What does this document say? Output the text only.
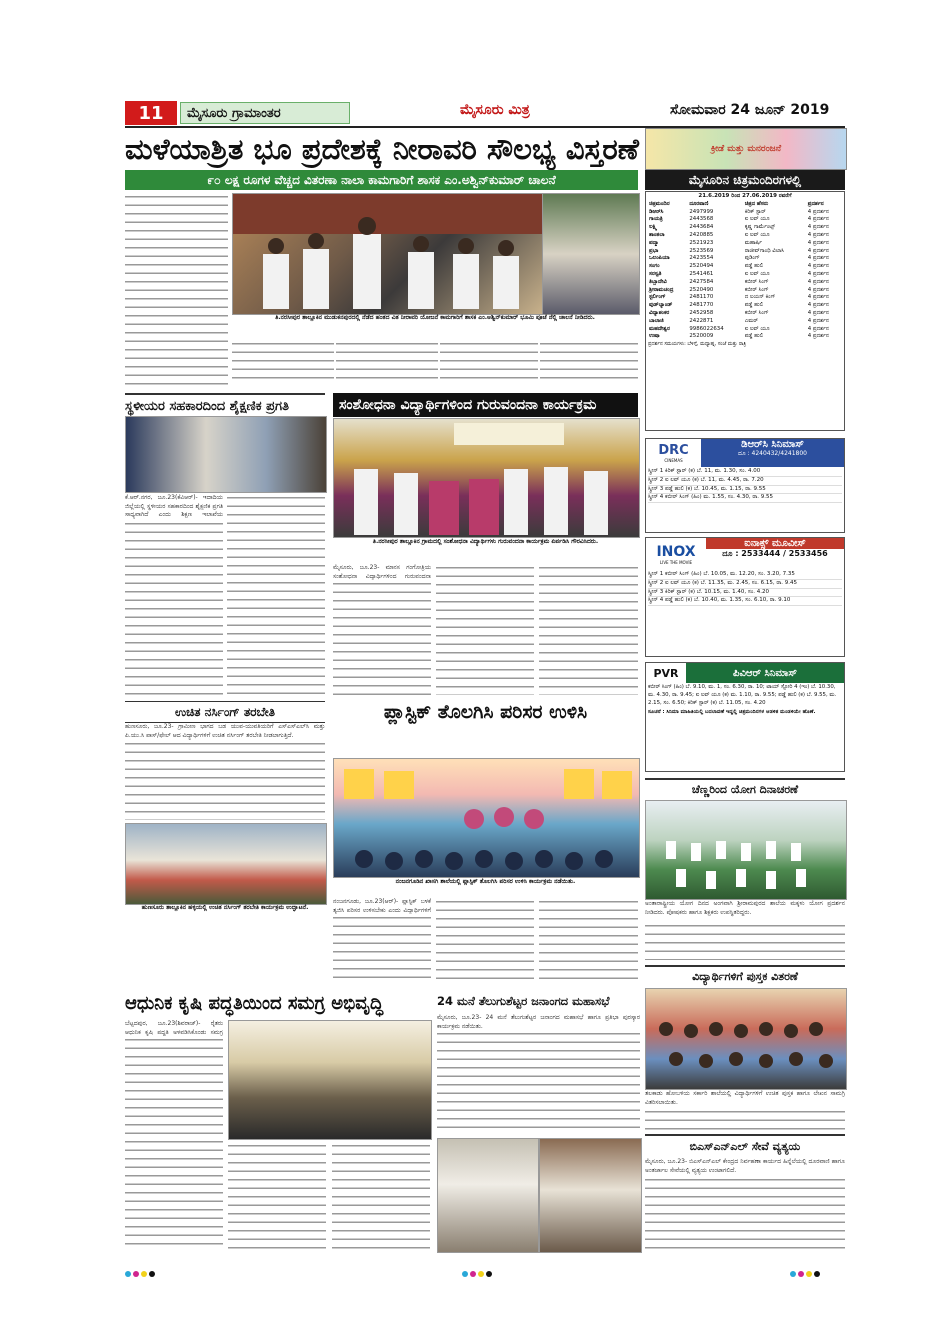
11	ಮೈಸೂರು ಗ್ರಾಮಾಂತರ	ಮೈಸೂರು ಮಿತ್ರ	ಸೋಮವಾರ 24 ಜೂನ್ 2019
ಮಳೆಯಾಶ್ರಿತ ಭೂ ಪ್ರದೇಶಕ್ಕೆ ನೀರಾವರಿ ಸೌಲಭ್ಯ ವಿಸ್ತರಣೆ
೯೦ ಲಕ್ಷ ರೂಗಳ ವೆಚ್ಚದ ವಿತರಣಾ ನಾಲಾ ಕಾಮಗಾರಿಗೆ ಶಾಸಕ ಎಂ.ಅಶ್ವಿನ್‌ಕುಮಾರ್ ಚಾಲನೆ
ತಿ.ನರಸೀಪುರ ತಾಲ್ಲೂಕಿನ ಮುಡುಕನಪುರದಲ್ಲಿ ನೆಡೆದ ಹಂತದ ವಿತ ನೀರಾವರಿ ಯೋಜನೆ ಕಾಮಗಾರಿಗೆ ಶಾಸಕ ಎಂ.ಅಶ್ವಿನ್‌ಕುಮಾರ್ ಭೂಮಿ ಪೂಜೆ ನೆಲ್ಲಿ ಚಾಲನೆ ನೀಡಿದರು.
ಸ್ಥಳೀಯರ ಸಹಕಾರದಿಂದ ಶೈಕ್ಷಣಿಕ ಪ್ರಗತಿ
ಕೆ.ಆರ್.ನಗರ, ಜೂ.23(ಕೆವಿಆರ್)- ಇದಾದಿಯ ಜಿಲ್ಲೆಯಲ್ಲಿ ಸ್ಥಳೀಯರ ಸಹಕಾರದಿಂದ ಶೈಕ್ಷಣಿಕ ಪ್ರಗತಿ ಸಾಧ್ಯವಾಗಿದೆ ಎಂದು ಶಿಕ್ಷಣ ಇಲಾಖೆಯ
ಉಚಿತ ನರ್ಸಿಂಗ್ ತರಬೇತಿ
ಹುಣಸೂರು, ಜೂ.23- ಗ್ರಾಮೀಣ ಭಾಗದ ಬಡ ಯುವ-ಯುವತಿಯರಿಗೆ ಎಸ್‌ಎಸ್‌ಎಲ್‌ಸಿ ಮತ್ತು ಪಿ.ಯು.ಸಿ ಪಾಸ್/ಫೇಲ್ ಆದ ವಿದ್ಯಾರ್ಥಿಗಳಿಗೆ ಉಚಿತ ನರ್ಸಿಂಗ್ ತರಬೇತಿ ನೀಡಲಾಗುತ್ತಿದೆ.
ಹುಣಸೂರು ತಾಲ್ಲೂಕಿನ ಹಳ್ಳಿಯಲ್ಲಿ ಉಚಿತ ನರ್ಸಿಂಗ್ ತರಬೇತಿ ಕಾರ್ಯಕ್ರಮ ಉದ್ಘಾಟನೆ.
ಸಂಶೋಧನಾ ವಿದ್ಯಾರ್ಥಿಗಳಿಂದ ಗುರುವಂದನಾ ಕಾರ್ಯಕ್ರಮ
ತಿ.ನರಸೀಪುರ ತಾಲ್ಲೂಕಿನ ಗ್ರಾಮದಲ್ಲಿ ಸಂಶೋಧನಾ ವಿದ್ಯಾರ್ಥಿಗಳು ಗುರುವಂದನಾ ಕಾರ್ಯಕ್ರಮ ಏರ್ಪಡಿಸಿ ಗೌರವಿಸಿದರು.
ಮೈಸೂರು, ಜೂ.23- ಮಾನಸ ಗಂಗೋತ್ರಿಯ ಸಂಶೋಧನಾ ವಿದ್ಯಾರ್ಥಿಗಳಿಂದ ಗುರುವಂದನಾ
ಪ್ಲಾಸ್ಟಿಕ್ ತೊಲಗಿಸಿ ಪರಿಸರ ಉಳಿಸಿ
ನಂಜನಗೂಡಿನ ಖಾಸಗಿ ಶಾಲೆಯಲ್ಲಿ ಪ್ಲಾಸ್ಟಿಕ್ ತೊಲಗಿಸಿ ಪರಿಸರ ಉಳಿಸಿ ಕಾರ್ಯಕ್ರಮ ನಡೆಯಿತು.
ನಂಜನಗೂಡು, ಜೂ.23(ಆರ್)- ಪ್ಲಾಸ್ಟಿಕ್ ಬಳಕೆ ತ್ಯಜಿಸಿ ಪರಿಸರ ಉಳಿಸಬೇಕು ಎಂದು ವಿದ್ಯಾರ್ಥಿಗಳಿಗೆ
ಆಧುನಿಕ ಕೃಷಿ ಪದ್ಧತಿಯಿಂದ ಸಮಗ್ರ ಅಭಿವೃದ್ಧಿ
ಬೆಟ್ಟದಪುರ, ಜೂ.23(ಶಿವರಾಜ್)- ರೈತರು ಆಧುನಿಕ ಕೃಷಿ ಪದ್ಧತಿ ಅಳವಡಿಸಿಕೊಂಡು ಸಮಗ್ರ
24 ಮನೆ ತೆಲುಗುಶೆಟ್ಟರ ಜನಾಂಗದ ಮಹಾಸಭೆ
ಮೈಸೂರು, ಜೂ.23- 24 ಮನೆ ತೆಲುಗುಶೆಟ್ಟರ ಜನಾಂಗದ ಮಹಾಸಭೆ ಹಾಗೂ ಪ್ರತಿಭಾ ಪುರಸ್ಕಾರ ಕಾರ್ಯಕ್ರಮ ನಡೆಯಿತು.
ಕ್ರೀಡೆ ಮತ್ತು ಮನರಂಜನೆ
ಮೈಸೂರಿನ ಚಿತ್ರಮಂದಿರಗಳಲ್ಲಿ
21.6.2019 ರಿಂದ 27.06.2019 ರವರೆಗೆ
ಚಿತ್ರಮಂದಿರ	ದೂರವಾಣಿ	ಚಿತ್ರದ ಹೆಸರು	ಪ್ರದರ್ಶನ
ಡಿಆರ್‌ಸಿ	2497999	ಕಿರಿಕ್ ಸ್ಟಾರ್	4 ಪ್ರದರ್ಶನ
ಗಾಯತ್ರಿ	2443568	ಐ ಲವ್ ಯೂ	4 ಪ್ರದರ್ಶನ
ಲಕ್ಷ್ಮಿ	2443684	ಕೃಷ್ಣ ಗಾರ್ಮೆಂಟ್ಸ್	4 ಪ್ರದರ್ಶನ
ಶಾಂತಲಾ	2420885	ಐ ಲವ್ ಯೂ	4 ಪ್ರದರ್ಶನ
ಪದ್ಮಾ	2521923	ಮಹಾರ್ಷಿ	4 ಪ್ರದರ್ಶನ
ಪ್ರಭಾ	2523569	ರಾಜೀವ್‌ಗಾಂಧಿ ವಿಲಾಸಿ	4 ಪ್ರದರ್ಶನ
ಒಲಂಪಿಯಾ	2423554	ಪುಡಿಂಗ್	4 ಪ್ರದರ್ಶನ
ಸಂಗಂ	2520494	ಪಡ್ಡೆ ಹುಲಿ	4 ಪ್ರದರ್ಶನ
ಸರಸ್ವತಿ	2541461	ಐ ಲವ್ ಯೂ	4 ಪ್ರದರ್ಶನ
ತಿಬ್ಬಾದೇವಿ	2427584	ಕಬೀರ್ ಸಿಂಗ್	4 ಪ್ರದರ್ಶನ
ಶ್ರೀರಾಮಚಂದ್ರ	2520490	ಕಬೀರ್ ಸಿಂಗ್	4 ಪ್ರದರ್ಶನ
ಸ್ಟರ್ಲಿಂಗ್	2481170	ದ ಲಯನ್ ಕಿಂಗ್	4 ಪ್ರದರ್ಶನ
ವುಡ್‌ಲ್ಯಾಂಡ್	2481770	ಪಡ್ಡೆ ಹುಲಿ	4 ಪ್ರದರ್ಶನ
ವಿದ್ಯಾಶಂಕರ	2452958	ಕಬೀರ್ ಸಿಂಗ್	4 ಪ್ರದರ್ಶನ
ಬಾಲಾಜಿ	2422871	ಎಮರ್	4 ಪ್ರದರ್ಶನ
ಮಹದೇಶ್ವರ	9986022634	ಐ ಲವ್ ಯೂ	4 ಪ್ರದರ್ಶನ
ಉಷಾ	2520009	ಪಡ್ಡೆ ಹುಲಿ	4 ಪ್ರದರ್ಶನ
ಪ್ರದರ್ಶನ ಸಮಯಗಳು: ಬೆಳಿಗ್ಗೆ, ಮಧ್ಯಾಹ್ನ, ಸಂಜೆ ಮತ್ತು ರಾತ್ರಿ
DRC
CINEMAS
ಡಿಆರ್‌ಸಿ ಸಿನಿಮಾಸ್
ದೂ : 4240432/4241800
ಸ್ಕ್ರೀನ್ 1 ಕಿರಿಕ್ ಸ್ಟಾರ್ (ಕ) ಬೆ. 11, ಮ. 1.30, ಸಂ. 4.00
ಸ್ಕ್ರೀನ್ 2 ಐ ಲವ್ ಯೂ (ಕ) ಬೆ. 11, ಮ. 4.45, ರಾ. 7.20
ಸ್ಕ್ರೀನ್ 3 ಪಡ್ಡೆ ಹುಲಿ (ಕ) ಬೆ. 10.45, ಮ. 1.15, ರಾ. 9.55
ಸ್ಕ್ರೀನ್ 4 ಕಬೀರ್ ಸಿಂಗ್ (ಹಿಂ) ಮ. 1.55, ಸಂ. 4.30, ರಾ. 9.55
INOX
LIVE THE MOVIE
ಐನಾಕ್ಸ್ ಮೂವೀಸ್
ದೂ : 2533444 / 2533456
ಸ್ಕ್ರೀನ್ 1 ಕಬೀರ್ ಸಿಂಗ್ (ಹಿಂ) ಬೆ. 10.05, ಮ. 12.20, ಸಂ. 3.20, 7.35
ಸ್ಕ್ರೀನ್ 2 ಐ ಲವ್ ಯೂ (ಕ) ಬೆ. 11.35, ಮ. 2.45, ಸಂ. 6.15, ರಾ. 9.45
ಸ್ಕ್ರೀನ್ 3 ಕಿರಿಕ್ ಸ್ಟಾರ್ (ಕ) ಬೆ. 10.15, ಮ. 1.40, ಸಂ. 4.20
ಸ್ಕ್ರೀನ್ 4 ಪಡ್ಡೆ ಹುಲಿ (ಕ) ಬೆ. 10.40, ಮ. 1.35, ಸಂ. 6.10, ರಾ. 9.10
PVR	ಪಿವಿಆರ್ ಸಿನಿಮಾಸ್
ಕಬೀರ್ ಸಿಂಗ್ (ಹಿಂ) ಬೆ. 9.10, ಮ. 1, ಸಂ. 6.30, ರಾ. 10; ಟಾಯ್ ಸ್ಟೋರಿ 4 (ಇಂ) ಬೆ. 10.30, ಮ. 4.30, ರಾ. 9.45; ಐ ಲವ್ ಯೂ (ಕ) ಮ. 1.10, ರಾ. 9.55; ಪಡ್ಡೆ ಹುಲಿ (ಕ) ಬೆ. 9.55, ಮ. 2.15, ಸಂ. 6.50; ಕಿರಿಕ್ ಸ್ಟಾರ್ (ಕ) ಬೆ. 11.05, ಸಂ. 4.20
ಸೂಚನೆ : ಸಿನಿಮಾ ಮಾಹಿತಿಯಲ್ಲಿ ಬದಲಾವಣೆ ಇದ್ದಲ್ಲಿ ಚಿತ್ರಮಂದಿರಗಳ ಆಡಳಿತ ಮಂಡಳಿಯೇ ಹೊಣೆ.
ಚೆಣ್ಣರಿಂದ ಯೋಗ ದಿನಾಚರಣೆ
ಅಂತಾರಾಷ್ಟ್ರೀಯ ಯೋಗ ದಿನದ ಅಂಗವಾಗಿ ಶ್ರೀರಾಮಪುರದ ಶಾಲೆಯ ಮಕ್ಕಳು ಯೋಗ ಪ್ರದರ್ಶನ ನೀಡಿದರು. ಪೋಷಕರು ಹಾಗೂ ಶಿಕ್ಷಕರು ಉಪಸ್ಥಿತರಿದ್ದರು.
ವಿದ್ಯಾರ್ಥಿಗಳಿಗೆ ಪುಸ್ತಕ ವಿತರಣೆ
ತಲಕಾಡು ಹೋಬಳಿಯ ಸರ್ಕಾರಿ ಶಾಲೆಯಲ್ಲಿ ವಿದ್ಯಾರ್ಥಿಗಳಿಗೆ ಉಚಿತ ಪುಸ್ತಕ ಹಾಗೂ ಲೇಖನ ಸಾಮಗ್ರಿ ವಿತರಿಸಲಾಯಿತು.
ಬಿಎಸ್‌ಎನ್‌ಎಲ್ ಸೇವೆ ವ್ಯತ್ಯಯ
ಮೈಸೂರು, ಜೂ.23- ಬಿಎಸ್‌ಎನ್‌ಎಲ್ ಕೇಂದ್ರದ ನಿರ್ವಹಣಾ ಕಾರ್ಯದ ಹಿನ್ನೆಲೆಯಲ್ಲಿ ದೂರವಾಣಿ ಹಾಗೂ ಅಂತರ್ಜಾಲ ಸೇವೆಯಲ್ಲಿ ವ್ಯತ್ಯಯ ಉಂಟಾಗಲಿದೆ.
